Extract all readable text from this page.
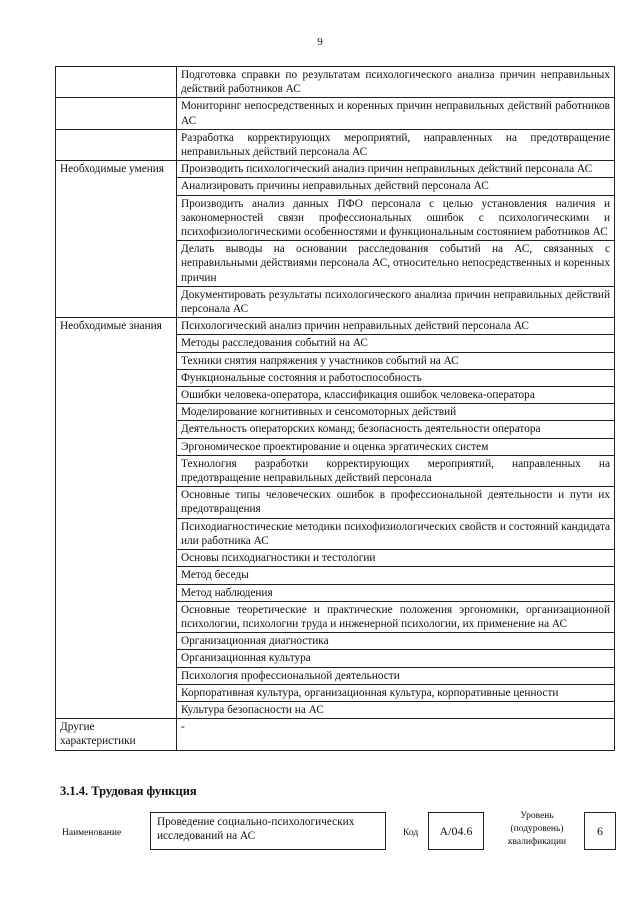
9
	Подготовка справки по результатам психологического анализа причин неправильных действий работников АС
	Мониторинг непосредственных и коренных причин неправильных действий работников АС
	Разработка корректирующих мероприятий, направленных на предотвращение неправильных действий персонала АС
Необходимые умения	Производить психологический анализ причин неправильных действий персонала АС
	Анализировать причины неправильных действий персонала АС
	Производить анализ данных ПФО персонала с целью установления наличия и закономерностей связи профессиональных ошибок с психологическими и психофизиологическими особенностями и функциональным состоянием работников АС
	Делать выводы на основании расследования событий на АС, связанных с неправильными действиями персонала АС, относительно непосредственных и коренных причин
	Документировать результаты психологического анализа причин неправильных действий персонала АС
Необходимые знания	Психологический анализ причин неправильных действий персонала АС
	Методы расследования событий на АС
	Техники снятия напряжения у участников событий на АС
	Функциональные состояния и работоспособность
	Ошибки человека-оператора, классификация ошибок человека-оператора
	Моделирование когнитивных и сенсомоторных действий
	Деятельность операторских команд; безопасность деятельности оператора
	Эргономическое проектирование и оценка эргатических систем
	Технология разработки корректирующих мероприятий, направленных на предотвращение неправильных действий персонала
	Основные типы человеческих ошибок в профессиональной деятельности и пути их предотвращения
	Психодиагностические методики психофизиологических свойств и состояний кандидата или работника АС
	Основы психодиагностики и тестологии
	Метод беседы
	Метод наблюдения
	Основные теоретические и практические положения эргономики, организационной психологии, психологии труда и инженерной психологии, их применение на АС
	Организационная диагностика
	Организационная культура
	Психология профессиональной деятельности
	Корпоративная культура, организационная культура, корпоративные ценности
	Культура безопасности на АС
Другие характеристики	-
3.1.4. Трудовая функция
Наименование
Проведение социально-психологических исследований на АС	Код	A/04.6
Уровень (подуровень) квалификации
6
